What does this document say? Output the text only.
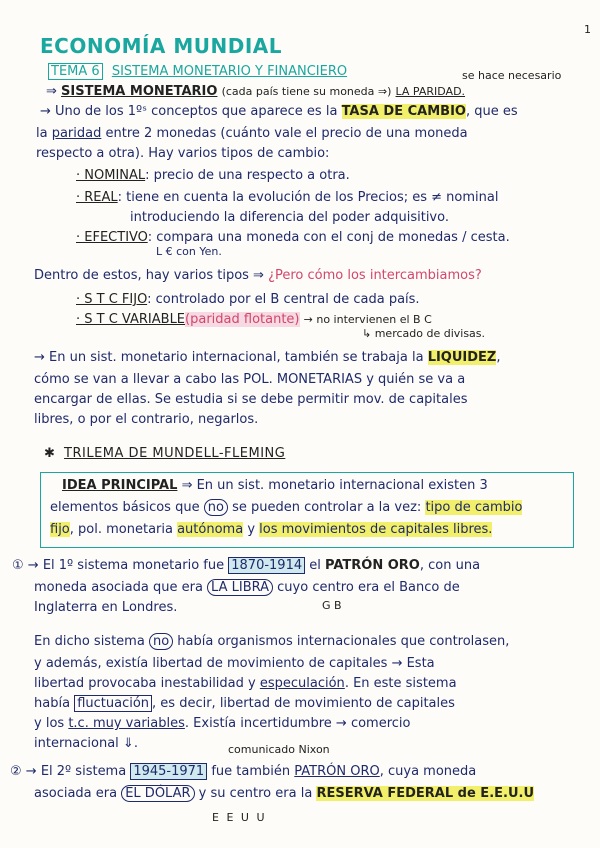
1
ECONOMÍA MUNDIAL
TEMA 6 SISTEMA MONETARIO Y FINANCIERO	se hace necesario
⇒ SISTEMA MONETARIO (cada país tiene su moneda ⇒) LA PARIDAD.
→ Uno de los 1ºˢ conceptos que aparece es la TASA DE CAMBIO, que es
la paridad entre 2 monedas (cuánto vale el precio de una moneda
respecto a otra). Hay varios tipos de cambio:
· NOMINAL: precio de una respecto a otra.
· REAL: tiene en cuenta la evolución de los Precios; es ≠ nominal
introduciendo la diferencia del poder adquisitivo.
· EFECTIVO: compara una moneda con el conj de monedas / cesta.
L € con Yen.
Dentro de estos, hay varios tipos ⇒ ¿Pero cómo los intercambiamos?
· S T C FIJO: controlado por el B central de cada país.
· S T C VARIABLE(paridad flotante) → no intervienen el B C
↳ mercado de divisas.
→ En un sist. monetario internacional, también se trabaja la LIQUIDEZ,
cómo se van a llevar a cabo las POL. MONETARIAS y quién se va a
encargar de ellas. Se estudia si se debe permitir mov. de capitales
libres, o por el contrario, negarlos.
✱ TRILEMA DE MUNDELL-FLEMING
IDEA PRINCIPAL ⇒ En un sist. monetario internacional existen 3
elementos básicos que no se pueden controlar a la vez: tipo de cambio
fijo, pol. monetaria autónoma y los movimientos de capitales libres.
① → El 1º sistema monetario fue 1870-1914 el PATRÓN ORO, con una
moneda asociada que era LA LIBRA cuyo centro era el Banco de
Inglaterra en Londres.	G B
En dicho sistema no había organismos internacionales que controlasen,
y además, existía libertad de movimiento de capitales → Esta
libertad provocaba inestabilidad y especulación. En este sistema
había fluctuación , es decir, libertad de movimiento de capitales
y los t.c. muy variables. Existía incertidumbre → comercio
internacional ⇓.	comunicado Nixon
② → El 2º sistema 1945-1971 fue también PATRÓN ORO, cuya moneda
asociada era EL DÓLAR y su centro era la RESERVA FEDERAL de E.E.U.U
E E U U
